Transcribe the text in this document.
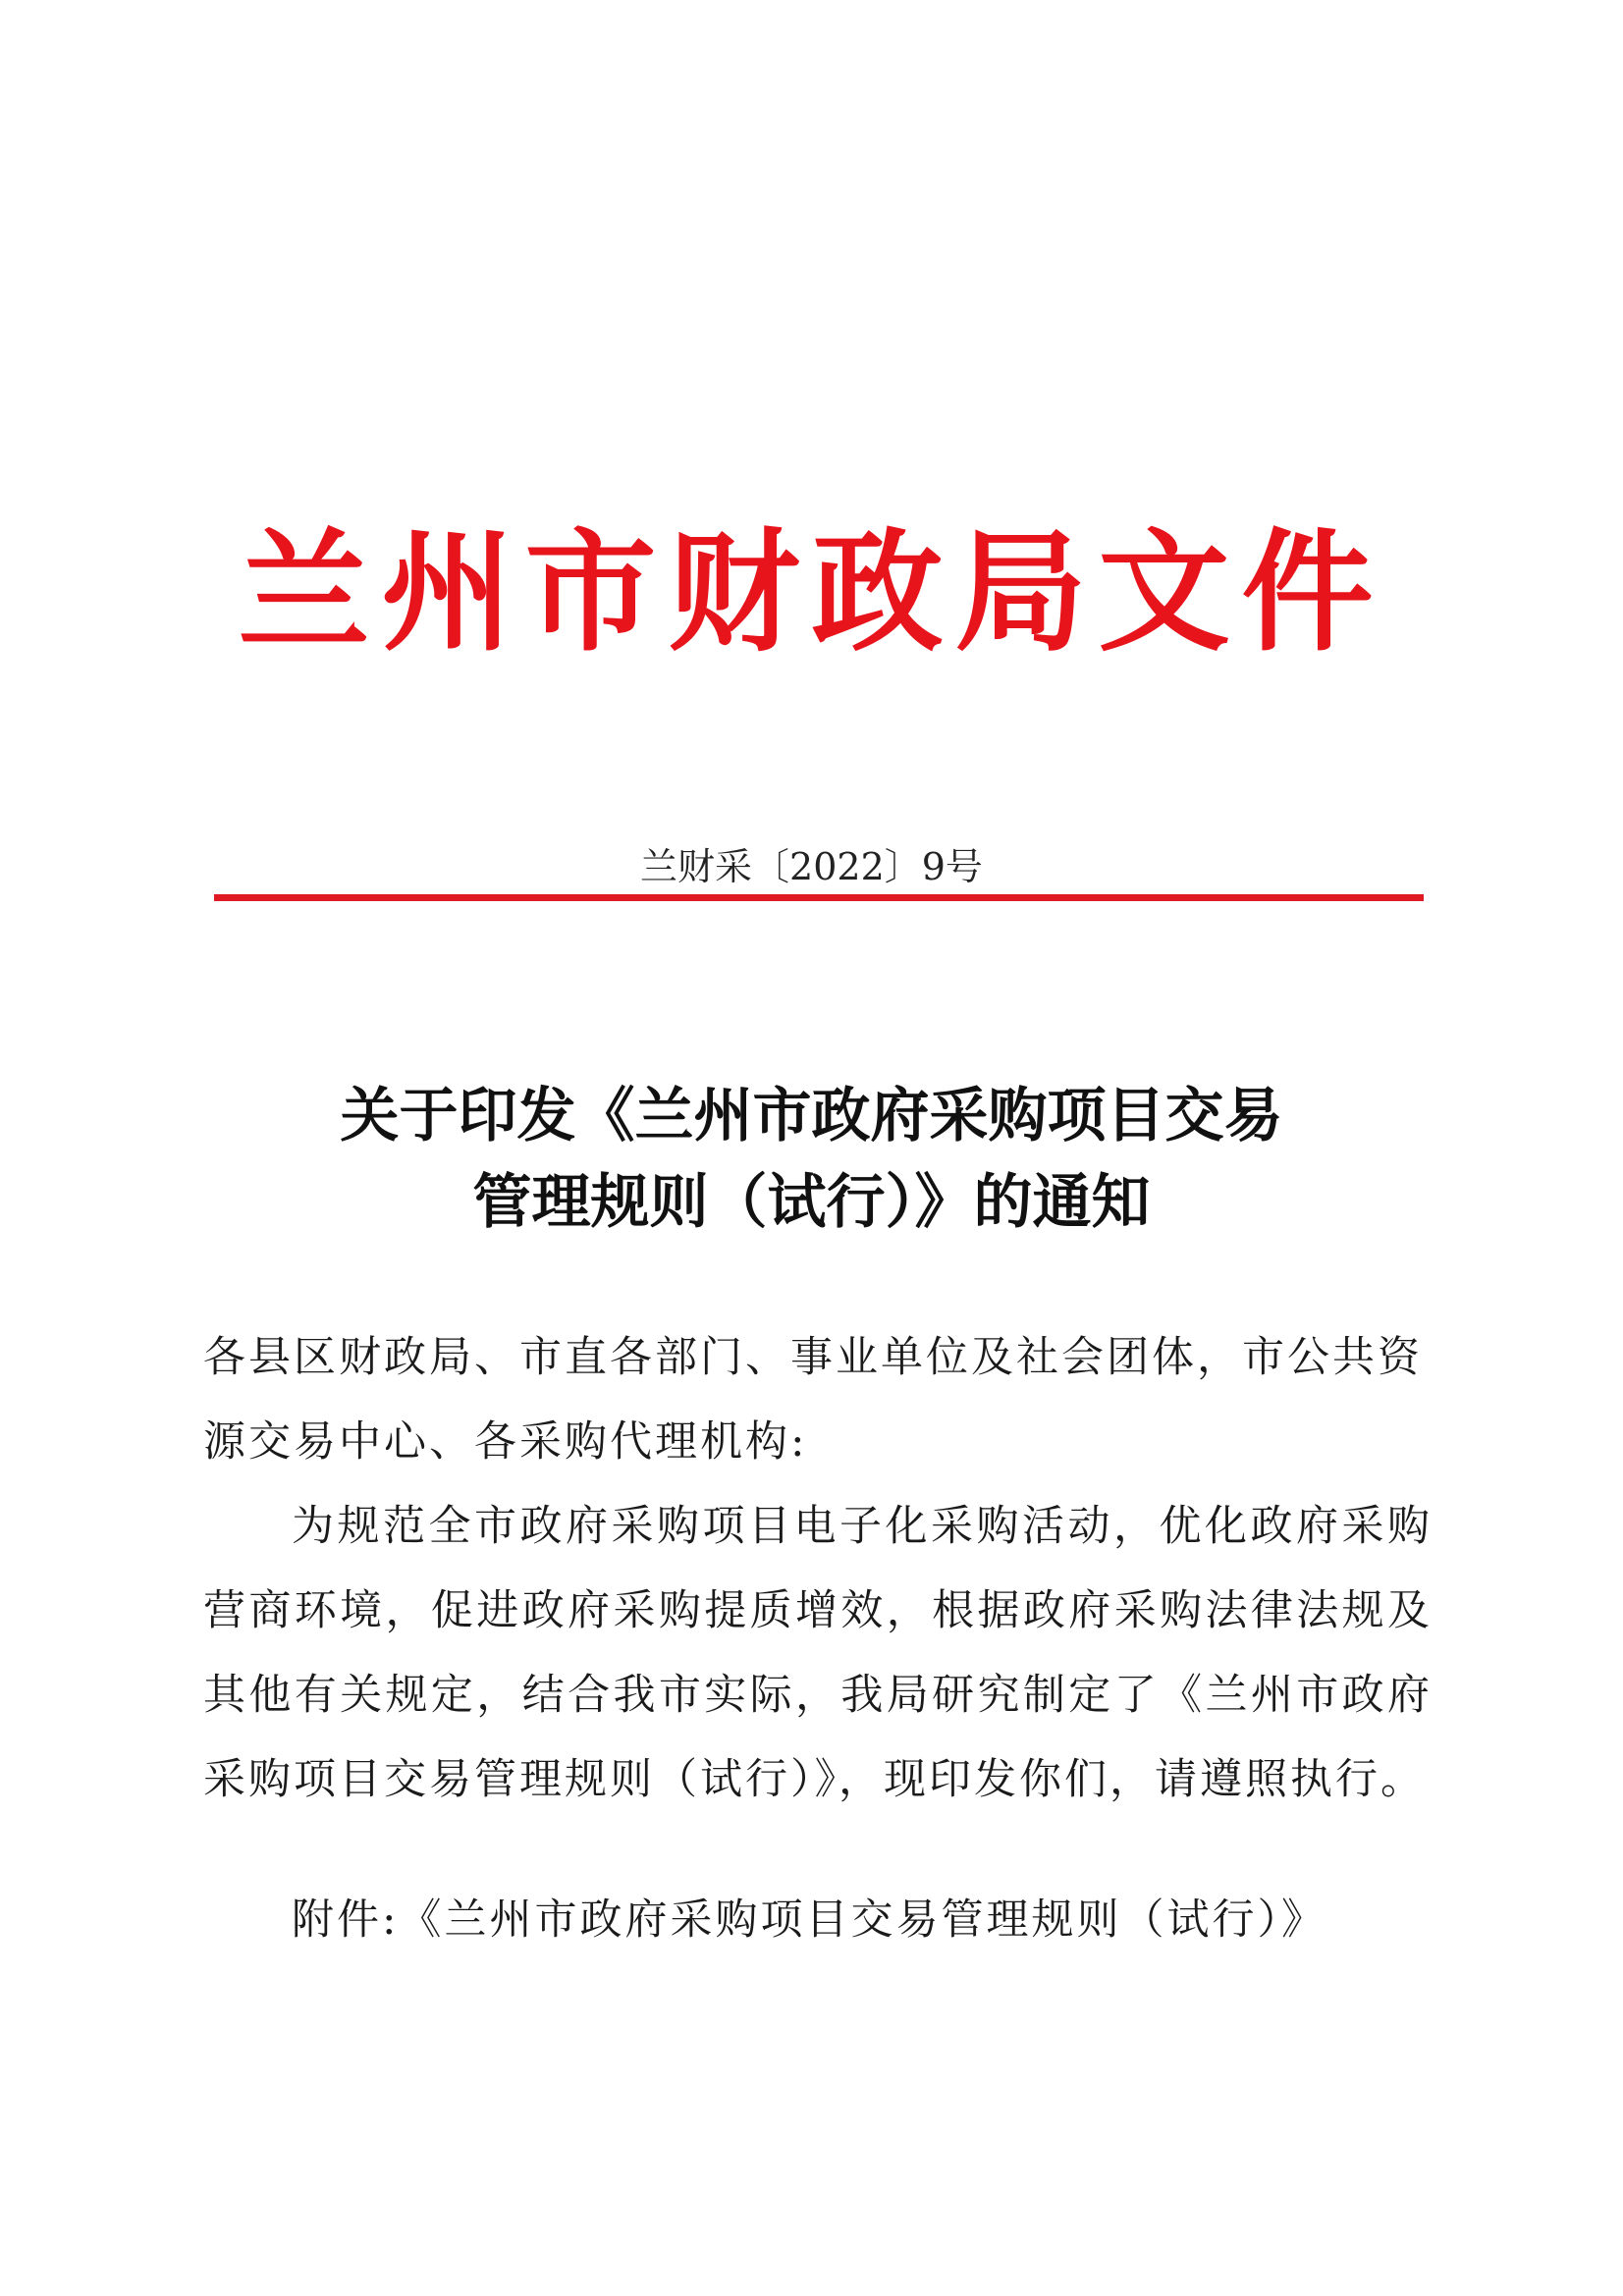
兰州市财政局文件
兰财采〔2022〕9号
关于印发《兰州市政府采购项目交易
管理规则（试行）》的通知

各县区财政局、市直各部门、事业单位及社会团体，市公共资源交易中心、各采购代理机构:

为规范全市政府采购项目电子化采购活动，优化政府采购营商环境，促进政府采购提质增效，根据政府采购法律法规及其他有关规定，结合我市实际，我局研究制定了《兰州市政府采购项目交易管理规则（试行）》，现印发你们，请遵照执行。

附件:《兰州市政府采购项目交易管理规则（试行）》
